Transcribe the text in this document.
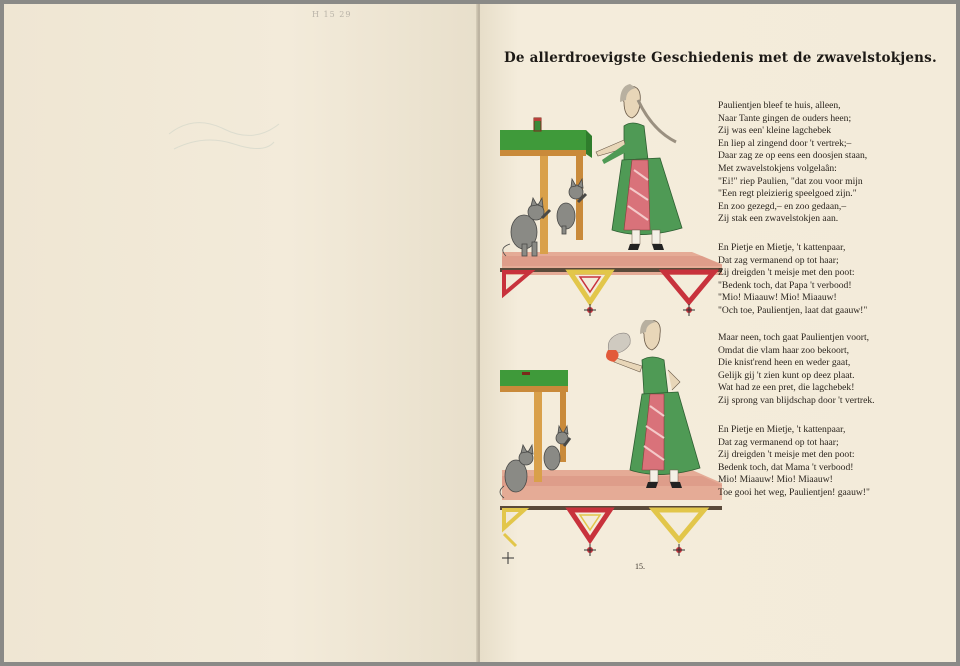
H 15 29
De allerdroevigste Geschiedenis met de zwavelstokjens.
Paulientjen bleef te huis, alleen,
Naar Tante gingen de ouders heen;
Zij was een' kleine lagchebek
En liep al zingend door 't vertrek;–
Daar zag ze op eens een doosjen staan,
Met zwavelstokjens volgelaân:
"Ei!" riep Paulien, "dat zou voor mijn
"Een regt pleizierig speelgoed zijn."
En zoo gezegd,– en zoo gedaan,–
Zij stak een zwavelstokjen aan.
En Pietje en Mietje, 't kattenpaar,
Dat zag vermanend op tot haar;
Zij dreigden 't meisje met den poot:
"Bedenk toch, dat Papa 't verbood!
"Mio! Miaauw! Mio! Miaauw!
"Och toe, Paulientjen, laat dat gaauw!"
Maar neen, toch gaat Paulientjen voort,
Omdat die vlam haar zoo bekoort,
Die knist'rend heen en weder gaat,
Gelijk gij 't zien kunt op deez plaat.
Wat had ze een pret, die lagchebek!
Zij sprong van blijdschap door 't vertrek.
En Pietje en Mietje, 't kattenpaar,
Dat zag vermanend op tot haar;
Zij dreigden 't meisje met den poot:
Bedenk toch, dat Mama 't verbood!
Mio! Miaauw! Mio! Miaauw!
Toe gooi het weg, Paulientjen! gaauw!"
15.
